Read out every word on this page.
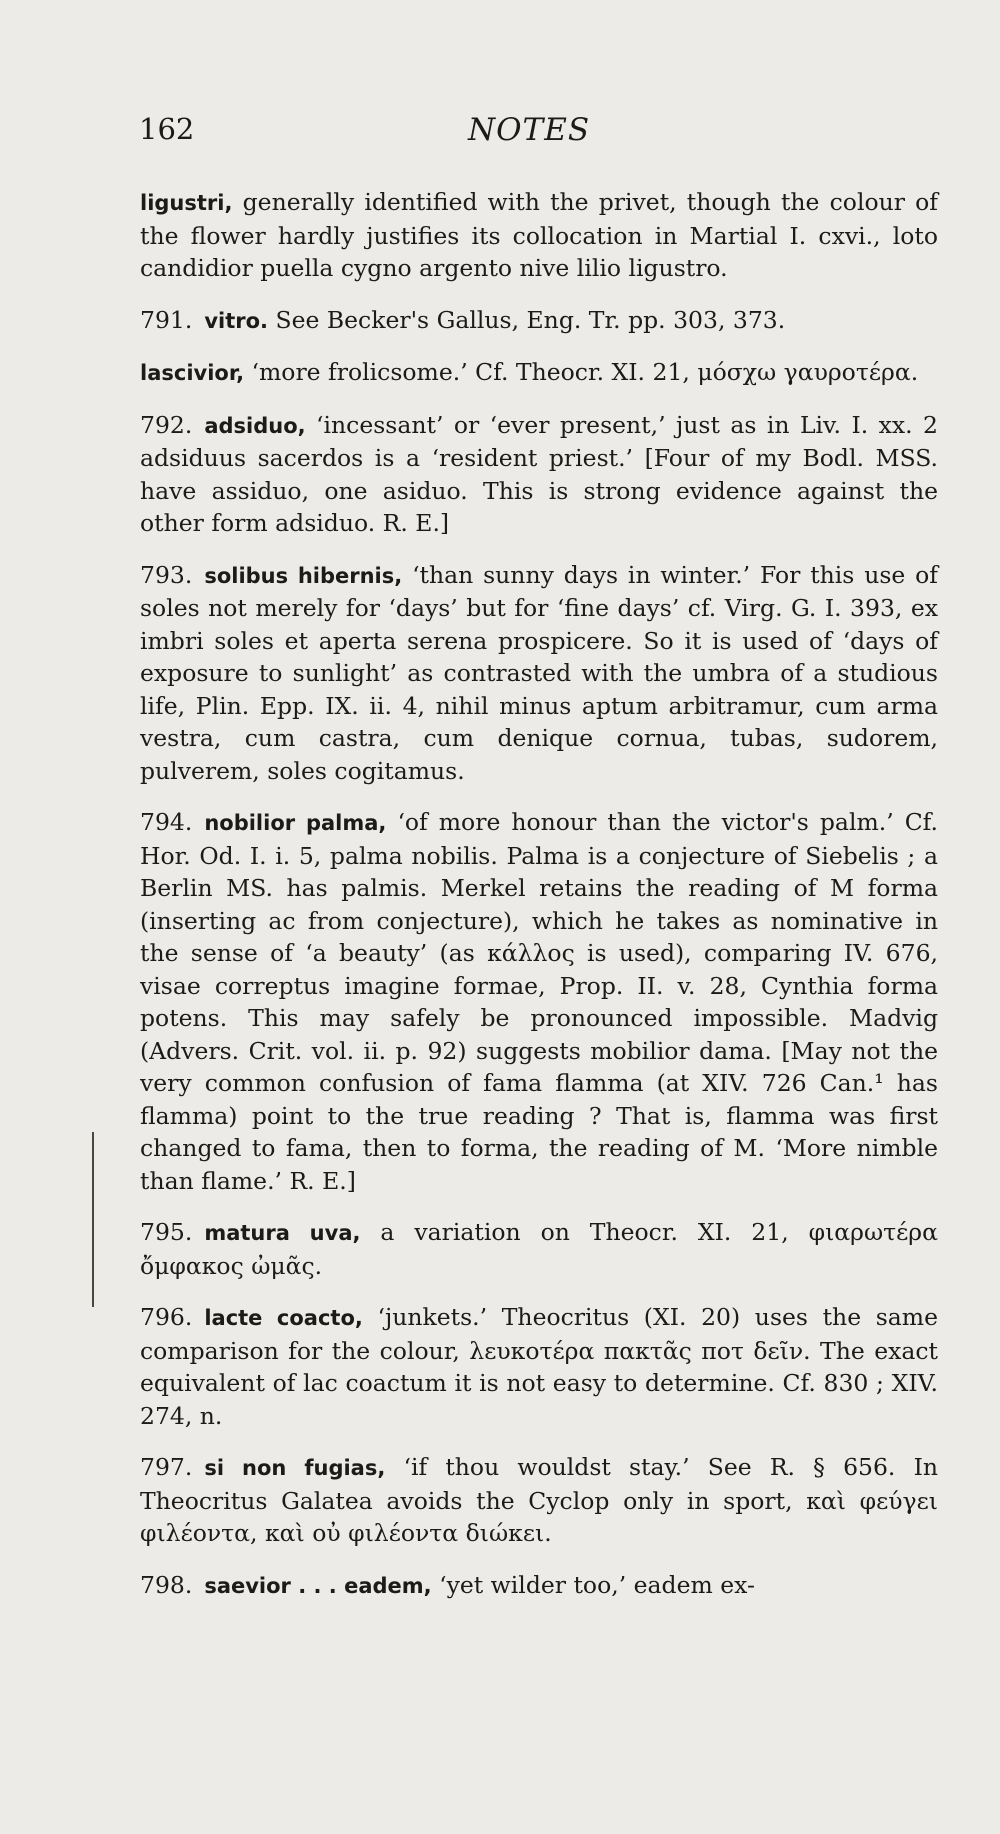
162	NOTES

ligustri, generally identified with the privet, though the colour of the flower hardly justifies its collocation in Martial I. cxvi., loto candidior puella cygno argento nive lilio ligustro.

791. vitro. See Becker's Gallus, Eng. Tr. pp. 303, 373.

lascivior, ‘more frolicsome.’ Cf. Theocr. XI. 21, μόσχω γαυροτέρα.

792. adsiduo, ‘incessant’ or ‘ever present,’ just as in Liv. I. xx. 2 adsiduus sacerdos is a ‘resident priest.’ [Four of my Bodl. MSS. have assiduo, one asiduo. This is strong evidence against the other form adsiduo. R. E.]

793. solibus hibernis, ‘than sunny days in winter.’ For this use of soles not merely for ‘days’ but for ‘fine days’ cf. Virg. G. I. 393, ex imbri soles et aperta serena prospicere. So it is used of ‘days of exposure to sunlight’ as contrasted with the umbra of a studious life, Plin. Epp. IX. ii. 4, nihil minus aptum arbitramur, cum arma vestra, cum castra, cum denique cornua, tubas, sudorem, pulverem, soles cogitamus.

794. nobilior palma, ‘of more honour than the victor's palm.’ Cf. Hor. Od. I. i. 5, palma nobilis. Palma is a conjecture of Siebelis ; a Berlin MS. has palmis. Merkel retains the reading of M forma (inserting ac from conjecture), which he takes as nominative in the sense of ‘a beauty’ (as κάλλος is used), comparing IV. 676, visae correptus imagine formae, Prop. II. v. 28, Cynthia forma potens. This may safely be pronounced impossible. Madvig (Advers. Crit. vol. ii. p. 92) suggests mobilior dama. [May not the very common confusion of fama flamma (at XIV. 726 Can.¹ has flamma) point to the true reading ? That is, flamma was first changed to fama, then to forma, the reading of M. ‘More nimble than flame.’ R. E.]

795. matura uva, a variation on Theocr. XI. 21, φιαρωτέρα ὄμφακος ὠμᾶς.

796. lacte coacto, ‘junkets.’ Theocritus (XI. 20) uses the same comparison for the colour, λευκοτέρα πακτᾶς ποτ δεῖν. The exact equivalent of lac coactum it is not easy to determine. Cf. 830 ; XIV. 274, n.

797. si non fugias, ‘if thou wouldst stay.’ See R. § 656. In Theocritus Galatea avoids the Cyclop only in sport, καὶ φεύγει φιλέοντα, καὶ οὐ φιλέοντα διώκει.

798. saevior . . . eadem, ‘yet wilder too,’ eadem ex-
